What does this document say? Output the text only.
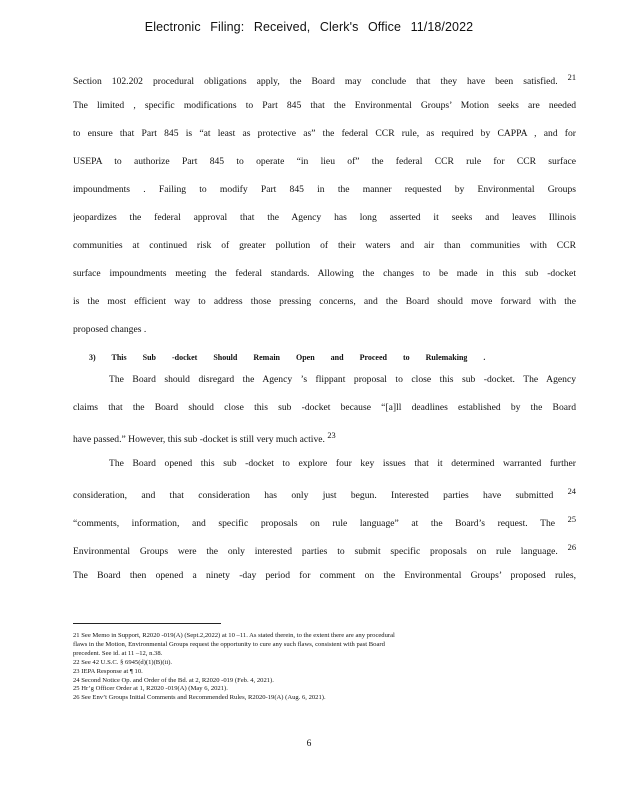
Electronic Filing: Received, Clerk's Office 11/18/2022
Section 102.202 procedural obligations apply, the Board may conclude that they have been satisfied. 21
The limited , specific modifications to Part 845 that the Environmental Groups’ Motion seeks are needed
to ensure that Part 845 is “at least as protective as” the federal CCR rule, as required by CAPPA , and for
USEPA to authorize Part 845 to operate “in lieu of” the federal CCR rule for CCR surface
impoundments . Failing to modify Part 845 in the manner requested by Environmental Groups
jeopardizes the federal approval that the Agency has long asserted it seeks and leaves Illinois
communities at continued risk of greater pollution of their waters and air than communities with CCR
surface impoundments meeting the federal standards. Allowing the changes to be made in this sub -docket
is the most efficient way to address those pressing concerns, and the Board should move forward with the
proposed changes .
3) This Sub -docket Should Remain Open and Proceed to Rulemaking .
The Board should disregard the Agency ’s flippant proposal to close this sub -docket. The Agency
claims that the Board should close this sub -docket because “[a]ll deadlines established by the Board
have passed.” However, this sub -docket is still very much active. 23
The Board opened this sub -docket to explore four key issues that it determined warranted further
consideration, and that consideration has only just begun. Interested parties have submitted 24
“comments, information, and specific proposals on rule language” at the Board’s request. The 25
Environmental Groups were the only interested parties to submit specific proposals on rule language. 26
The Board then opened a ninety -day period for comment on the Environmental Groups’ proposed rules,
21 See Memo in Support, R2020 -019(A) (Sept.2,2022) at 10 –11. As stated therein, to the extent there are any procedural
flaws in the Motion, Environmental Groups request the opportunity to cure any such flaws, consistent with past Board
precedent. See id. at 11 –12, n.38.
22 See 42 U.S.C. § 6945(d)(1)(B)(ii).
23 IEPA Response at ¶ 10.
24 Second Notice Op. and Order of the Bd. at 2, R2020 -019 (Feb. 4, 2021).
25 Hr’g Officer Order at 1, R2020 -019(A) (May 6, 2021).
26 See Env’t Groups Initial Comments and Recommended Rules, R2020-19(A) (Aug. 6, 2021).
6
